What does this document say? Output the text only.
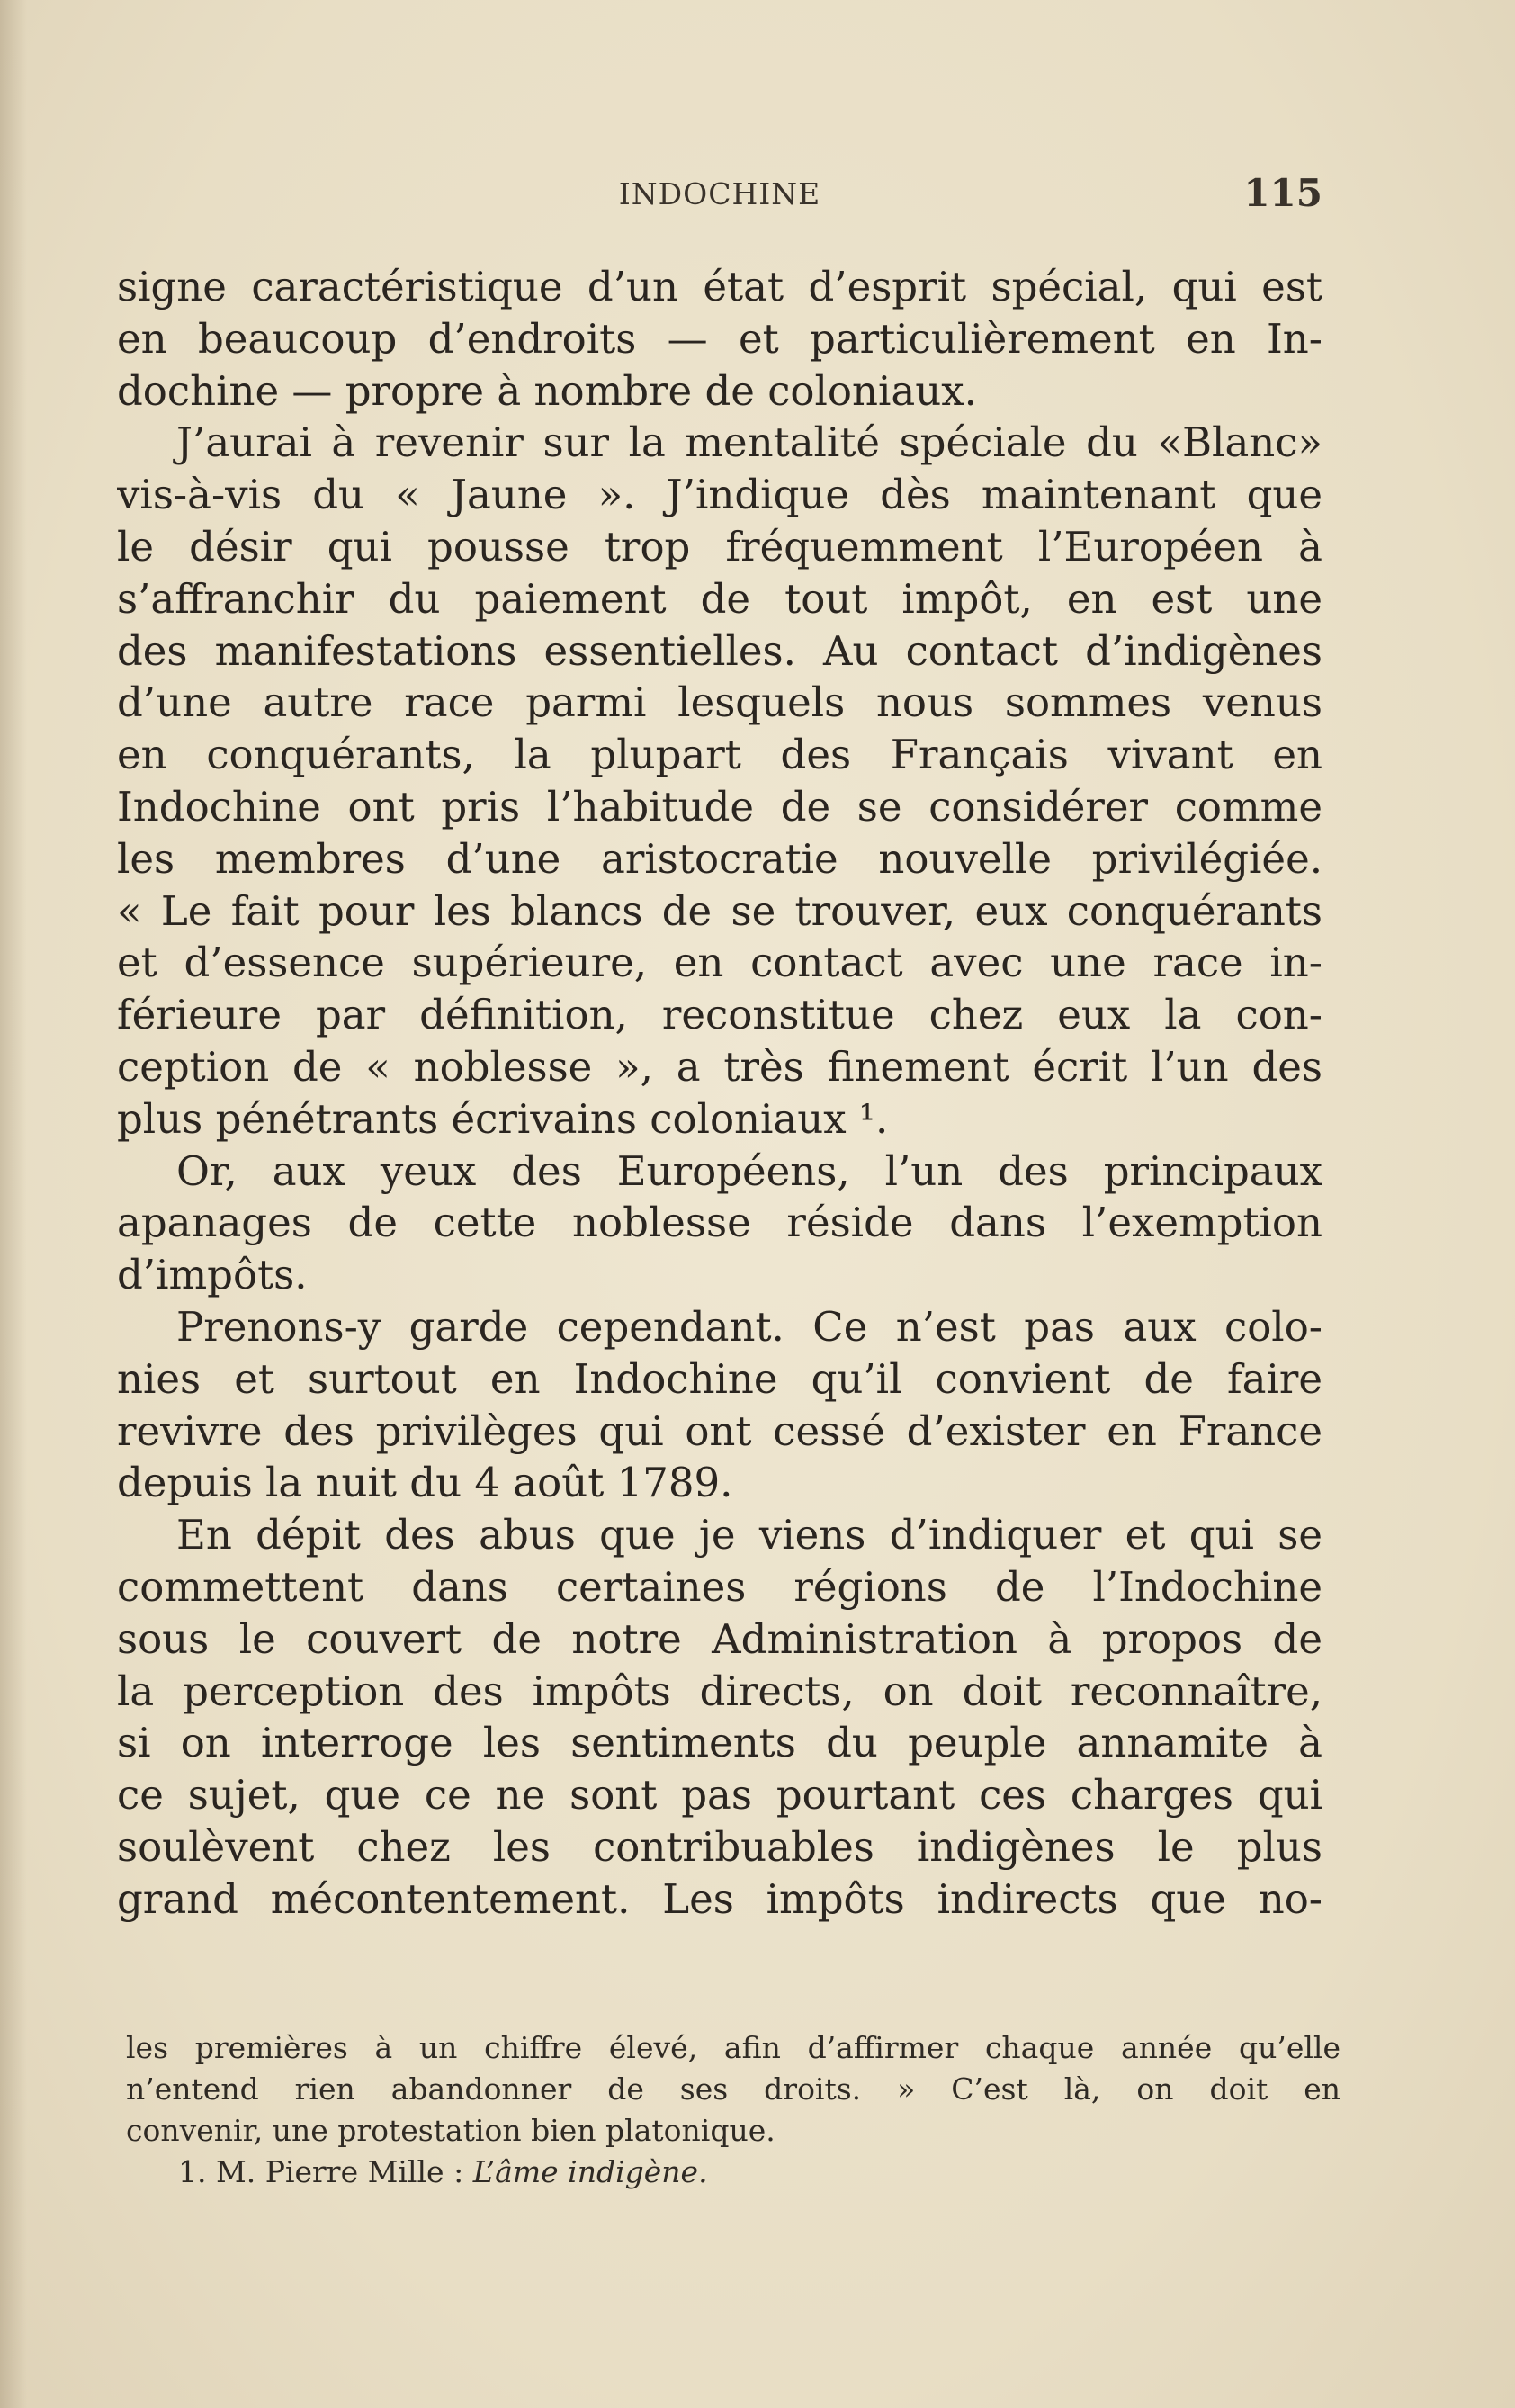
INDOCHINE	115
signe caractéristique d’un état d’esprit spécial, qui est
en beaucoup d’endroits — et particulièrement en In-
dochine — propre à nombre de coloniaux.
J’aurai à revenir sur la mentalité spéciale du «Blanc»
vis-à-vis du « Jaune ». J’indique dès maintenant que
le désir qui pousse trop fréquemment l’Européen à
s’affranchir du paiement de tout impôt, en est une
des manifestations essentielles. Au contact d’indigènes
d’une autre race parmi lesquels nous sommes venus
en conquérants, la plupart des Français vivant en
Indochine ont pris l’habitude de se considérer comme
les membres d’une aristocratie nouvelle privilégiée.
« Le fait pour les blancs de se trouver, eux conquérants
et d’essence supérieure, en contact avec une race in-
férieure par définition, reconstitue chez eux la con-
ception de « noblesse », a très finement écrit l’un des
plus pénétrants écrivains coloniaux ¹.
Or, aux yeux des Européens, l’un des principaux
apanages de cette noblesse réside dans l’exemption
d’impôts.
Prenons-y garde cependant. Ce n’est pas aux colo-
nies et surtout en Indochine qu’il convient de faire
revivre des privilèges qui ont cessé d’exister en France
depuis la nuit du 4 août 1789.
En dépit des abus que je viens d’indiquer et qui se
commettent dans certaines régions de l’Indochine
sous le couvert de notre Administration à propos de
la perception des impôts directs, on doit reconnaître,
si on interroge les sentiments du peuple annamite à
ce sujet, que ce ne sont pas pourtant ces charges qui
soulèvent chez les contribuables indigènes le plus
grand mécontentement. Les impôts indirects que no-
les premières à un chiffre élevé, afin d’affirmer chaque année qu’elle
n’entend rien abandonner de ses droits. » C’est là, on doit en
convenir, une protestation bien platonique.
1. M. Pierre Mille : L’âme indigène.
